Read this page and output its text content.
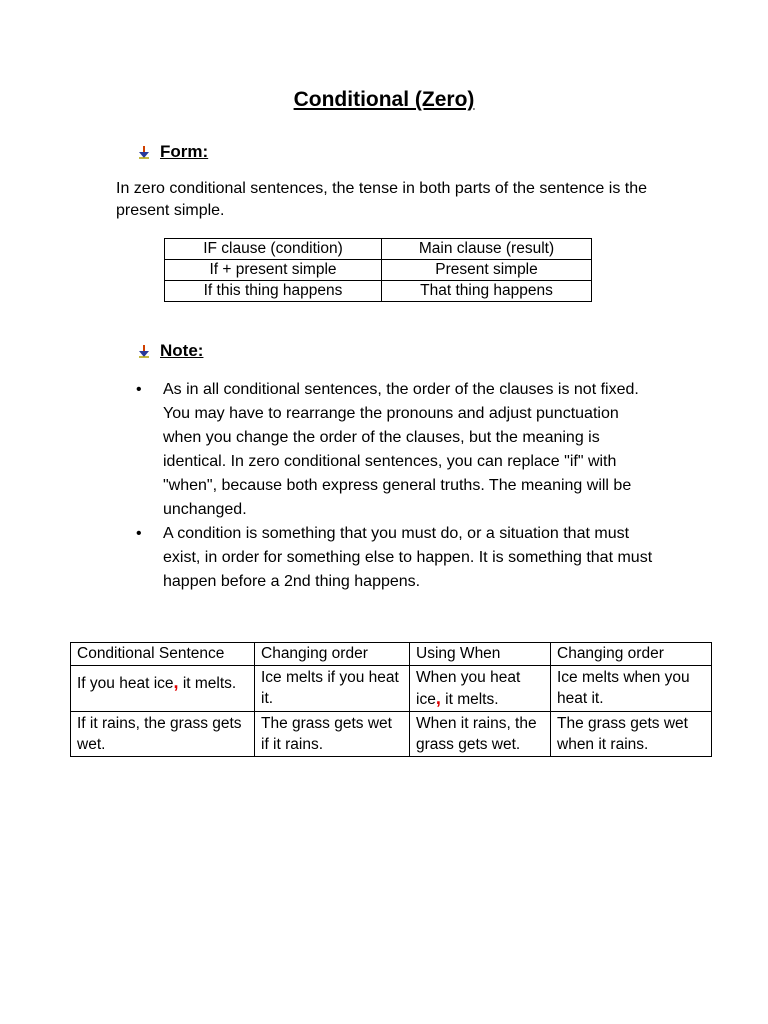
Conditional (Zero)
Form:
In zero conditional sentences, the tense in both parts of the sentence is the present simple.
IF clause (condition)	Main clause (result)
If + present simple	Present simple
If this thing happens	That thing happens
Note:
•	As in all conditional sentences, the order of the clauses is not fixed. You may have to rearrange the pronouns and adjust punctuation when you change the order of the clauses, but the meaning is identical. In zero conditional sentences, you can replace "if" with "when", because both express general truths. The meaning will be unchanged.
•	A condition is something that you must do, or a situation that must exist, in order for something else to happen. It is something that must happen before a 2nd thing happens.
Conditional Sentence	Changing order	Using When	Changing order
If you heat ice, it melts.	Ice melts if you heat it.	When you heat ice, it melts.	Ice melts when you heat it.
If it rains, the grass gets wet.	The grass gets wet if it rains.	When it rains, the grass gets wet.	The grass gets wet when it rains.
